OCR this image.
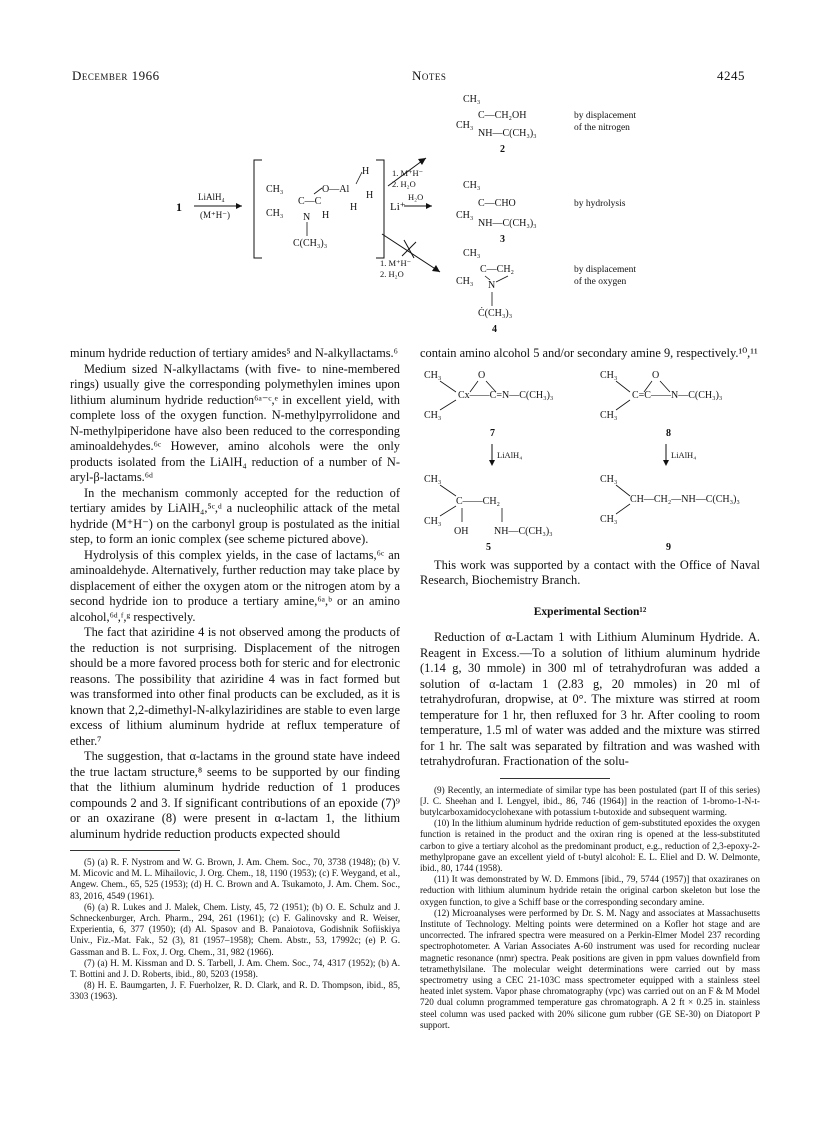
December 1966	Notes	4245
1
LiAlH₄
(M⁺H⁻)
CH₃
CH₃
C—C
O—Al
N H
H
H
H
C(CH₃)₃
Li⁺
1. M⁺H⁻
2. H₂O
H₂O
1. M⁺H⁻
2. H₂O
CH₃
C—CH₂OH
CH₃
NH—C(CH₃)₃
2
by displacement
of the nitrogen
CH₃
C—CHO
CH₃
NH—C(CH₃)₃
3
by hydrolysis
CH₃
C—CH₂
CH₃ N
Ċ(CH₃)₃
4
by displacement
of the oxygen

minum hydride reduction of tertiary amides⁵ and N-alkyllactams.⁶

Medium sized N-alkyllactams (with five- to nine-membered rings) usually give the corresponding polymethylen imines upon lithium aluminum hydride reduction⁶ᵃ⁻ᶜ,ᵉ in excellent yield, with complete loss of the oxygen function. N-methylpyrrolidone and N-methylpiperidone have also been reduced to the corresponding aminoaldehydes.⁶ᶜ However, amino alcohols were the only products isolated from the LiAlH₄ reduction of a number of N-aryl-β-lactams.⁶ᵈ

In the mechanism commonly accepted for the reduction of tertiary amides by LiAlH₄,⁵ᶜ,ᵈ a nucleophilic attack of the metal hydride (M⁺H⁻) on the carbonyl group is postulated as the initial step, to form an ionic complex (see scheme pictured above).

Hydrolysis of this complex yields, in the case of lactams,⁶ᶜ an aminoaldehyde. Alternatively, further reduction may take place by displacement of either the oxygen atom or the nitrogen atom by a second hydride ion to produce a tertiary amine,⁶ᵃ,ᵇ or an amino alcohol,⁶ᵈ,ᶠ,ᵍ respectively.

The fact that aziridine 4 is not observed among the products of the reduction is not surprising. Displacement of the nitrogen should be a more favored process both for steric and for electronic reasons. The possibility that aziridine 4 was in fact formed but was transformed into other final products can be excluded, as it is known that 2,2-dimethyl-N-alkylaziridines are stable to even large excess of lithium aluminum hydride at reflux temperature of ether.⁷

The suggestion, that α-lactams in the ground state have indeed the true lactam structure,⁸ seems to be supported by our finding that the lithium aluminum hydride reduction of 1 produces compounds 2 and 3. If significant contributions of an epoxide (7)⁹ or an oxazirane (8) were present in α-lactam 1, the lithium aluminum hydride reduction products expected should

(5) (a) R. F. Nystrom and W. G. Brown, J. Am. Chem. Soc., 70, 3738 (1948); (b) V. M. Micovic and M. L. Mihailovic, J. Org. Chem., 18, 1190 (1953); (c) F. Weygand, et al., Angew. Chem., 65, 525 (1953); (d) H. C. Brown and A. Tsukamoto, J. Am. Chem. Soc., 83, 2016, 4549 (1961).

(6) (a) R. Lukes and J. Malek, Chem. Listy, 45, 72 (1951); (b) O. E. Schulz and J. Schneckenburger, Arch. Pharm., 294, 261 (1961); (c) F. Galinovsky and R. Weiser, Experientia, 6, 377 (1950); (d) Al. Spasov and B. Panaiotova, Godishnik Sofiiskiya Univ., Fiz.-Mat. Fak., 52 (3), 81 (1957–1958); Chem. Abstr., 53, 17992c; (e) P. G. Gassman and B. L. Fox, J. Org. Chem., 31, 982 (1966).

(7) (a) H. M. Kissman and D. S. Tarbell, J. Am. Chem. Soc., 74, 4317 (1952); (b) A. T. Bottini and J. D. Roberts, ibid., 80, 5203 (1958).

(8) H. E. Baumgarten, J. F. Fuerholzer, R. D. Clark, and R. D. Thompson, ibid., 85, 3303 (1963).

contain amino alcohol 5 and/or secondary amine 9, respectively.¹⁰,¹¹

CH₃	O
Cx——C=N—C(CH₃)₃
CH₃
7
CH₃	O
C=C——N—C(CH₃)₃
CH₃
8
LiAlH₄	LiAlH₄
CH₃
C——CH₂
CH₃
OH	NH—C(CH₃)₃
5
CH₃
CH—CH₂—NH—C(CH₃)₃
CH₃
9

This work was supported by a contact with the Office of Naval Research, Biochemistry Branch.

Experimental Section¹²

Reduction of α-Lactam 1 with Lithium Aluminum Hydride. A. Reagent in Excess.—To a solution of lithium aluminum hydride (1.14 g, 30 mmole) in 300 ml of tetrahydrofuran was added a solution of α-lactam 1 (2.83 g, 20 mmoles) in 20 ml of tetrahydrofuran, dropwise, at 0°. The mixture was stirred at room temperature for 1 hr, then refluxed for 3 hr. After cooling to room temperature, 1.5 ml of water was added and the mixture was stirred for 1 hr. The salt was separated by filtration and was washed with tetrahydrofuran. Fractionation of the solu-

(9) Recently, an intermediate of similar type has been postulated (part II of this series) [J. C. Sheehan and I. Lengyel, ibid., 86, 746 (1964)] in the reaction of 1-bromo-1-N-t-butylcarboxamidocyclohexane with potassium t-butoxide and subsequent warming.

(10) In the lithium aluminum hydride reduction of gem-substituted epoxides the oxygen function is retained in the product and the oxiran ring is opened at the less-substituted carbon to give a tertiary alcohol as the predominant product, e.g., reduction of 2,3-epoxy-2-methylpropane gave an excellent yield of t-butyl alcohol: E. L. Eliel and D. W. Delmonte, ibid., 80, 1744 (1958).

(11) It was demonstrated by W. D. Emmons [ibid., 79, 5744 (1957)] that oxaziranes on reduction with lithium aluminum hydride retain the original carbon skeleton but lose the oxygen function, to give a Schiff base or the corresponding secondary amine.

(12) Microanalyses were performed by Dr. S. M. Nagy and associates at Massachusetts Institute of Technology. Melting points were determined on a Kofler hot stage and are uncorrected. The infrared spectra were measured on a Perkin-Elmer Model 237 recording spectrophotometer. A Varian Associates A-60 instrument was used for recording nuclear magnetic resonance (nmr) spectra. Peak positions are given in ppm values downfield from tetramethylsilane. The molecular weight determinations were carried out by mass spectrometry using a CEC 21-103C mass spectrometer equipped with a stainless steel heated inlet system. Vapor phase chromatography (vpc) was carried out on an F & M Model 720 dual column programmed temperature gas chromatograph. A 2 ft × 0.25 in. stainless steel column was used packed with 20% silicone gum rubber (GE SE-30) on Diatoport P support.
